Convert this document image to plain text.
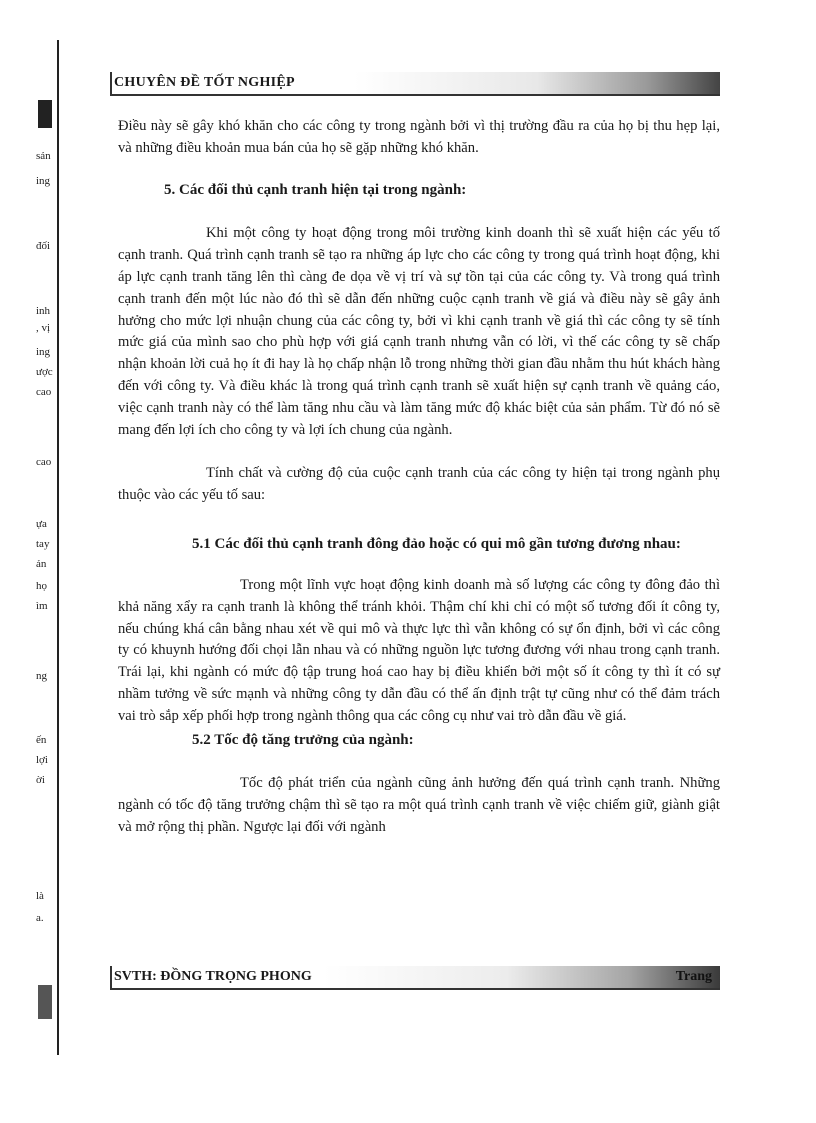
sản
ing
đối
inh
, vị
ing
ược
cao
cao
ựa
tay
ản
họ
ìm
ng
ến
lợi
ời
là
a.
CHUYÊN ĐỀ TỐT NGHIỆP

Điều này sẽ gây khó khăn cho các công ty trong ngành bởi vì thị trường đầu ra của họ bị thu hẹp lại, và những điều khoản mua bán của họ sẽ gặp những khó khăn.

5. Các đối thủ cạnh tranh hiện tại trong ngành:

Khi một công ty hoạt động trong môi trường kinh doanh thì sẽ xuất hiện các yếu tố cạnh tranh. Quá trình cạnh tranh sẽ tạo ra những áp lực cho các công ty trong quá trình hoạt động, khi áp lực cạnh tranh tăng lên thì càng đe dọa về vị trí và sự tồn tại của các công ty. Và trong quá trình cạnh tranh đến một lúc nào đó thì sẽ dẫn đến những cuộc cạnh tranh về giá và điều này sẽ gây ảnh hưởng cho mức lợi nhuận chung của các công ty, bởi vì khi cạnh tranh về giá thì các công ty sẽ tính mức giá của mình sao cho phù hợp với giá cạnh tranh nhưng vẫn có lời, vì thế các công ty sẽ chấp nhận khoản lời cuả họ ít đi hay là họ chấp nhận lỗ trong những thời gian đầu nhằm thu hút khách hàng đến với công ty. Và điều khác là trong quá trình cạnh tranh sẽ xuất hiện sự cạnh tranh về quảng cáo, việc cạnh tranh này có thể làm tăng nhu cầu và làm tăng mức độ khác biệt của sản phẩm. Từ đó nó sẽ mang đến lợi ích cho công ty và lợi ích chung của ngành.

Tính chất và cường độ của cuộc cạnh tranh của các công ty hiện tại trong ngành phụ thuộc vào các yếu tố sau:

5.1 Các đối thủ cạnh tranh đông đảo hoặc có qui mô gần tương đương nhau:

Trong một lĩnh vực hoạt động kinh doanh mà số lượng các công ty đông đảo thì khả năng xẩy ra cạnh tranh là không thể tránh khỏi. Thậm chí khi chỉ có một số tương đối ít công ty, nếu chúng khá cân bằng nhau xét về qui mô và thực lực thì vẫn không có sự ổn định, bởi vì các công ty có khuynh hướng đối chọi lẫn nhau và có những nguồn lực tương đương với nhau trong cạnh tranh. Trái lại, khi ngành có mức độ tập trung hoá cao hay bị điều khiển bởi một số ít công ty thì ít có sự nhầm tưởng về sức mạnh và những công ty dẫn đầu có thể ấn định trật tự cũng như có thể đảm trách vai trò sắp xếp phối hợp trong ngành thông qua các công cụ như vai trò dẫn đầu về giá.

5.2 Tốc độ tăng trưởng của ngành:

Tốc độ phát triển của ngành cũng ảnh hưởng đến quá trình cạnh tranh. Những ngành có tốc độ tăng trưởng chậm thì sẽ tạo ra một quá trình cạnh tranh về việc chiếm giữ, giành giật và mở rộng thị phần. Ngược lại đối với ngành

SVTH: ĐỒNG TRỌNG PHONG	Trang
